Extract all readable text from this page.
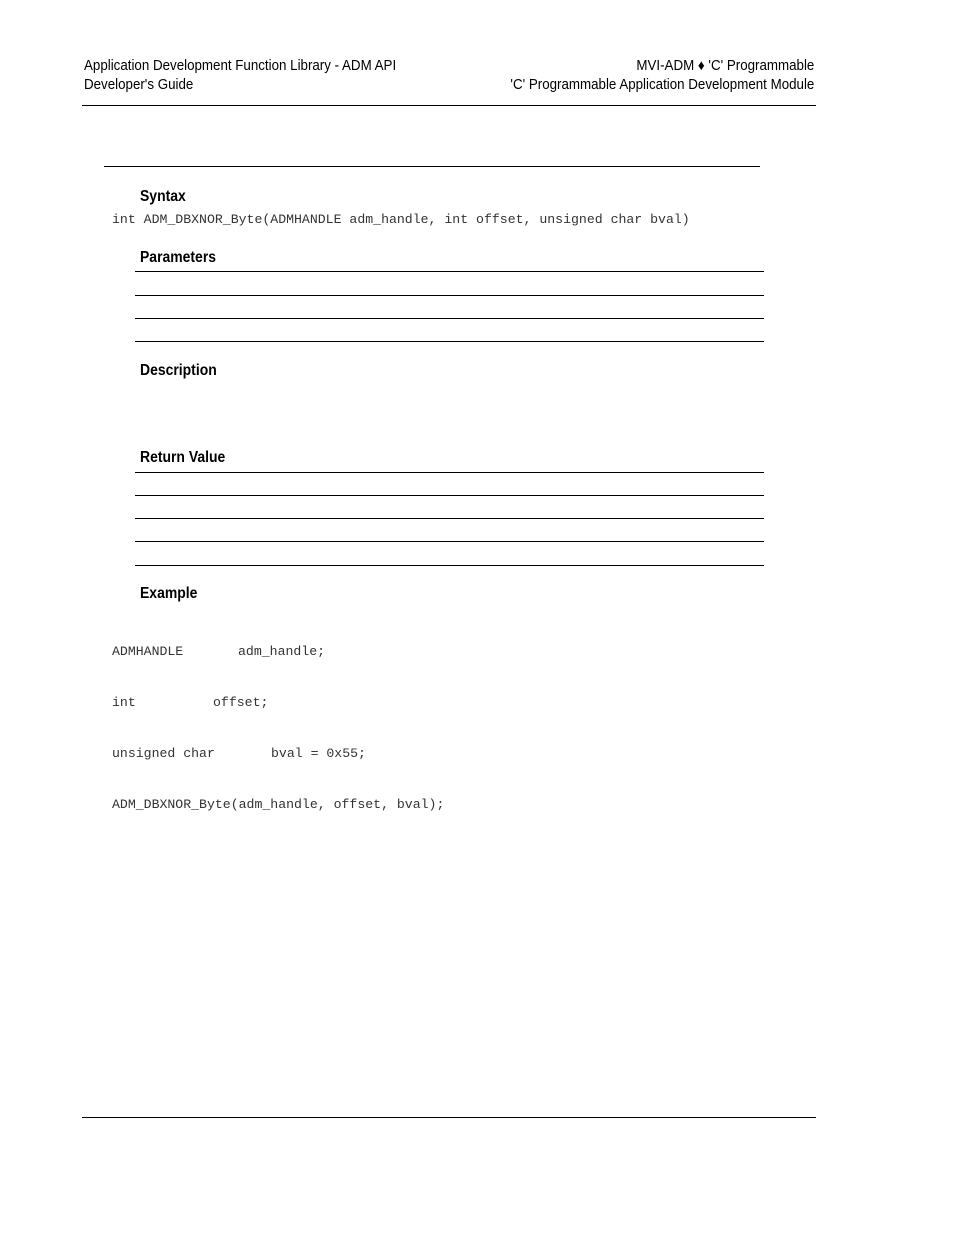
Application Development Function Library - ADM API
Developer's Guide
MVI-ADM ♦ 'C' Programmable
'C' Programmable Application Development Module
Syntax
int ADM_DBXNOR_Byte(ADMHANDLE adm_handle, int offset, unsigned char bval)
Parameters
Description
Return Value
Example

ADMHANDLE	adm_handle;

int	offset;

unsigned char	bval = 0x55;

ADM_DBXNOR_Byte(adm_handle, offset, bval);
